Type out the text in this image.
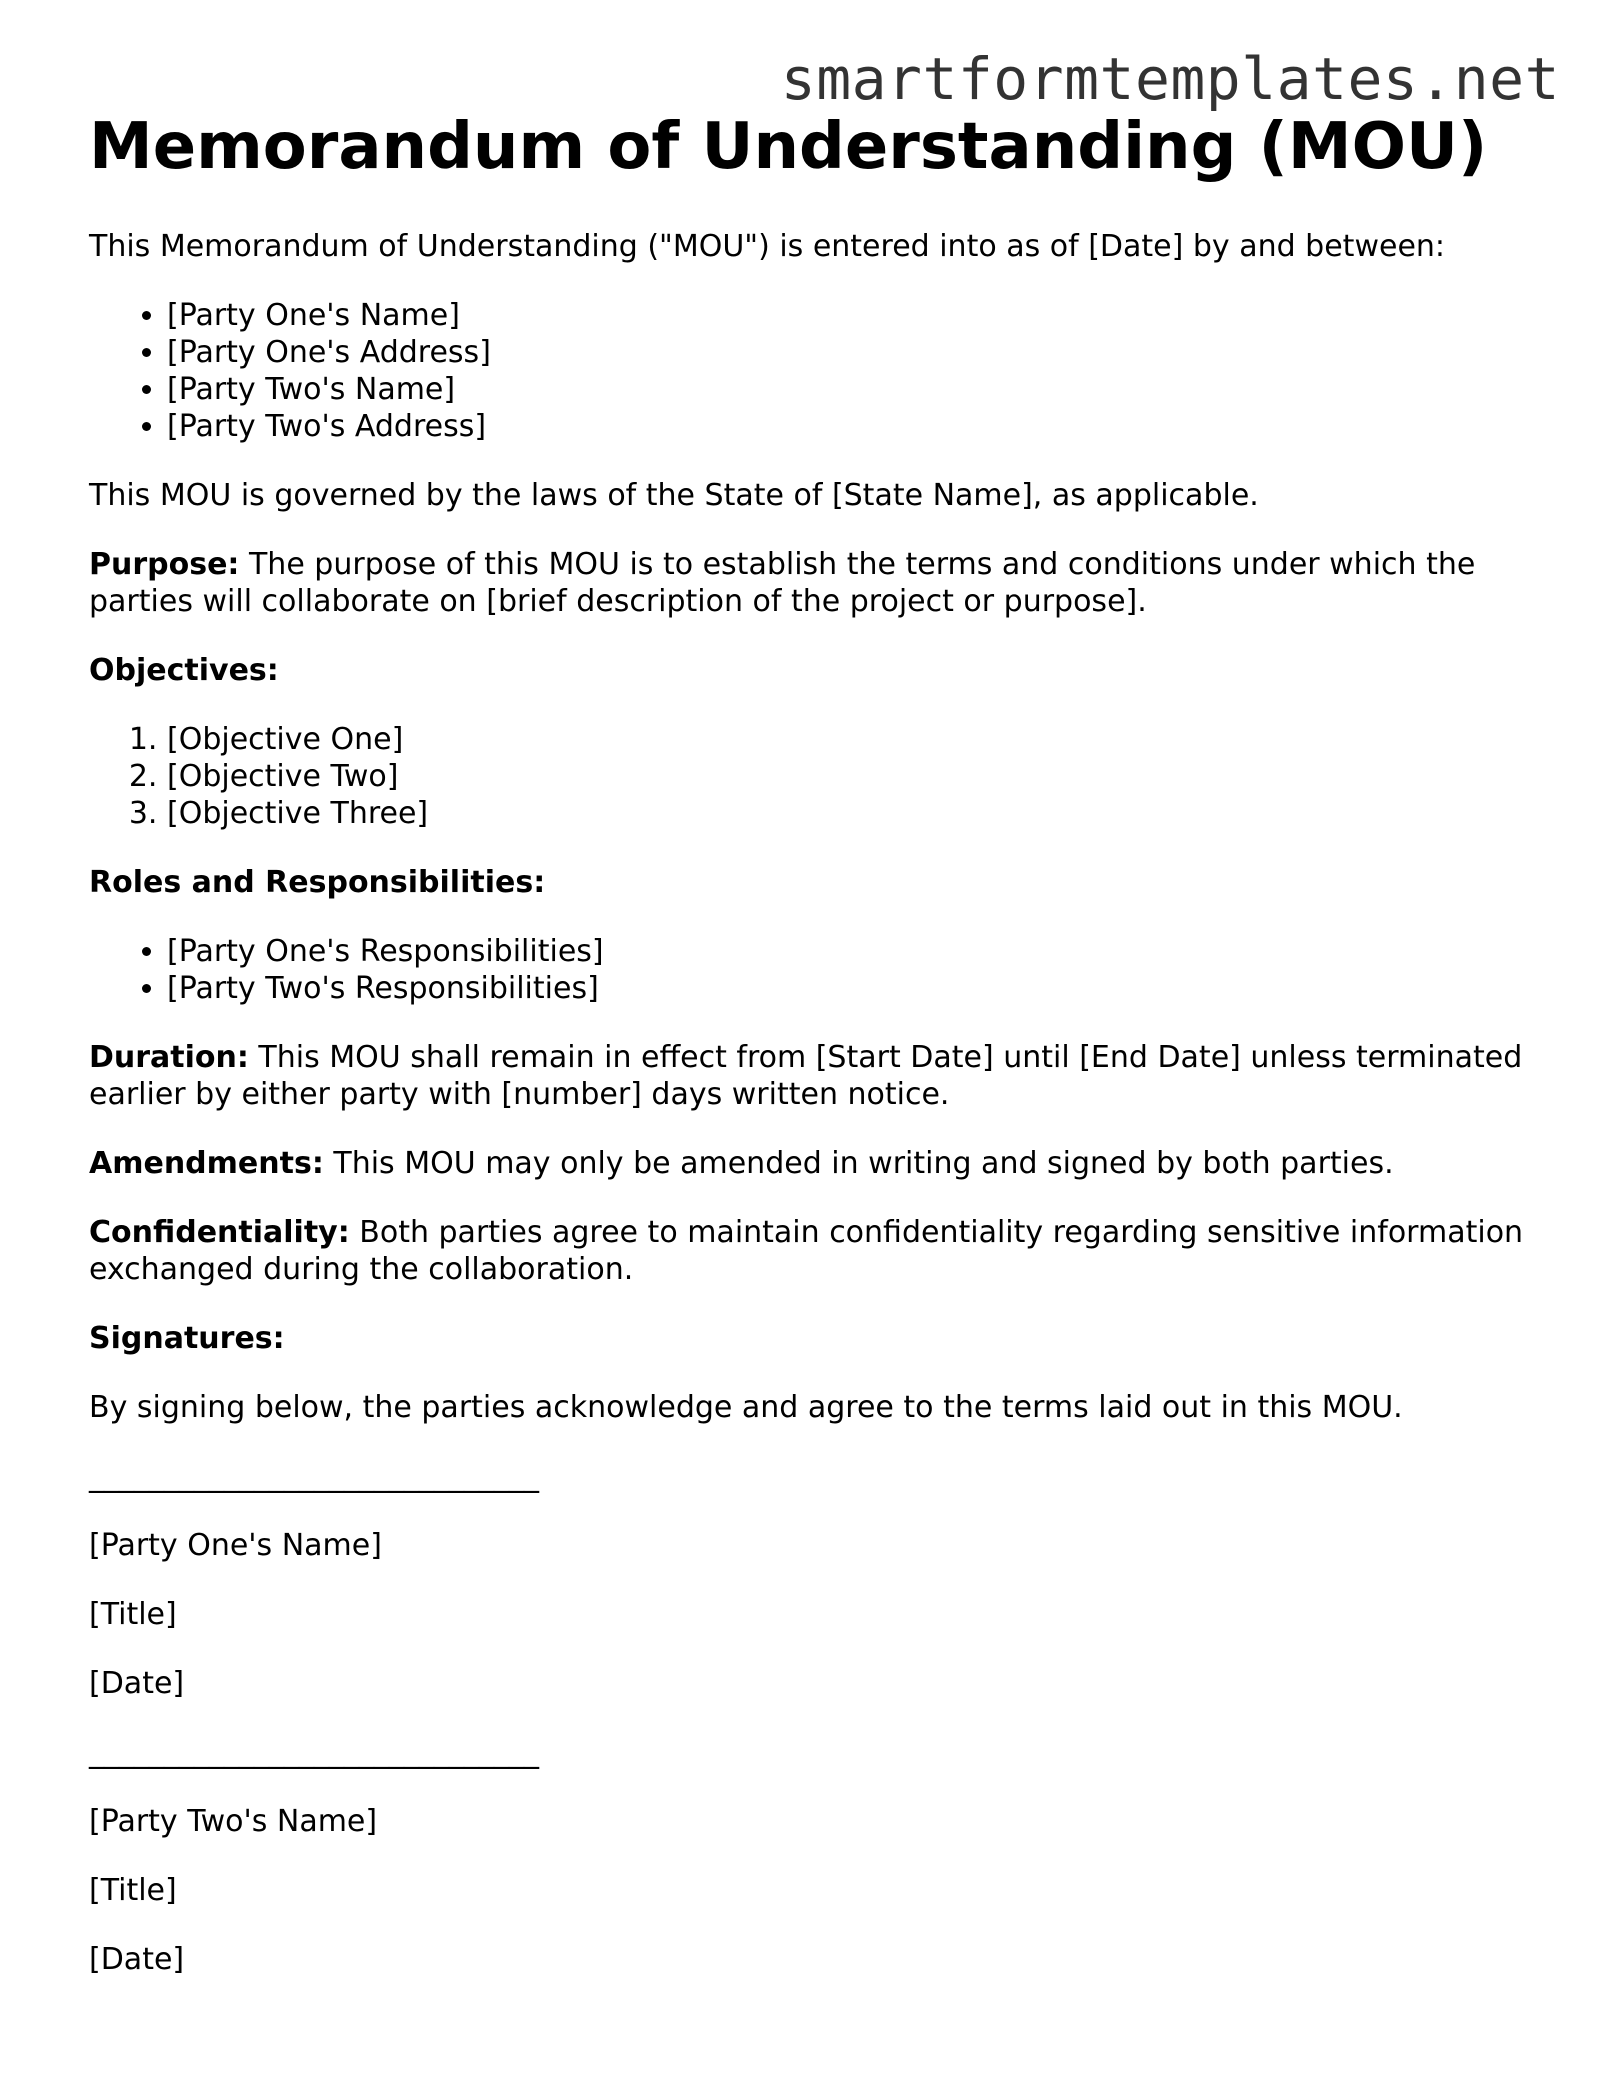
smartformtemplates.net
Memorandum of Understanding (MOU)

This Memorandum of Understanding ("MOU") is entered into as of [Date] by and between:

• [Party One's Name]
• [Party One's Address]
• [Party Two's Name]
• [Party Two's Address]

This MOU is governed by the laws of the State of [State Name], as applicable.

Purpose: The purpose of this MOU is to establish the terms and conditions under which the parties will collaborate on [brief description of the project or purpose].

Objectives:

1. [Objective One]
2. [Objective Two]
3. [Objective Three]

Roles and Responsibilities:

• [Party One's Responsibilities]
• [Party Two's Responsibilities]

Duration: This MOU shall remain in effect from [Start Date] until [End Date] unless terminated earlier by either party with [number] days written notice.

Amendments: This MOU may only be amended in writing and signed by both parties.

Confidentiality: Both parties agree to maintain confidentiality regarding sensitive information exchanged during the collaboration.

Signatures:

By signing below, the parties acknowledge and agree to the terms laid out in this MOU.

______________________________

[Party One's Name]

[Title]

[Date]

______________________________

[Party Two's Name]

[Title]

[Date]
